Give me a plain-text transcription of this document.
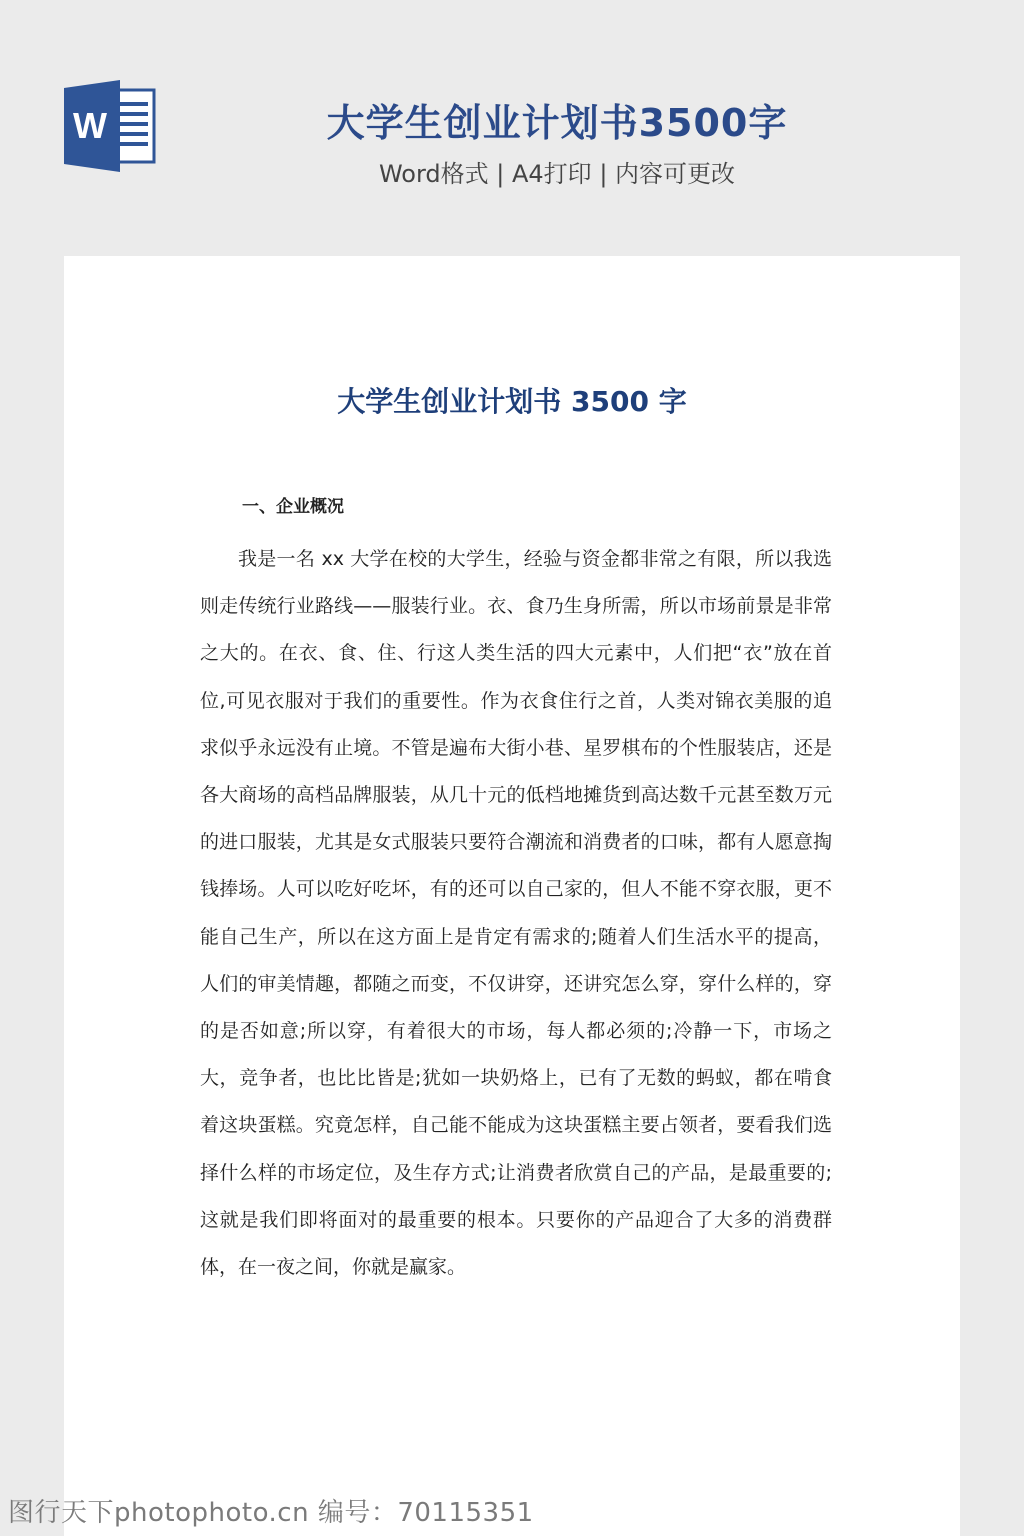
W	大学生创业计划书3500字
Word格式 | A4打印 | 内容可更改
大学生创业计划书 3500 字
一、企业概况

我是一名 xx 大学在校的大学生，经验与资金都非常之有限，所以我选则走传统行业路线——服装行业。衣、食乃生身所需，所以市场前景是非常之大的。在衣、食、住、行这人类生活的四大元素中，人们把“衣”放在首位,可见衣服对于我们的重要性。作为衣食住行之首，人类对锦衣美服的追求似乎永远没有止境。不管是遍布大街小巷、星罗棋布的个性服装店，还是各大商场的高档品牌服装，从几十元的低档地摊货到高达数千元甚至数万元的进口服装，尤其是女式服装只要符合潮流和消费者的口味，都有人愿意掏钱捧场。人可以吃好吃坏，有的还可以自己家的，但人不能不穿衣服，更不能自己生产，所以在这方面上是肯定有需求的;随着人们生活水平的提高，人们的审美情趣，都随之而变，不仅讲穿，还讲究怎么穿，穿什么样的，穿的是否如意;所以穿，有着很大的市场，每人都必须的;冷静一下，市场之大，竞争者，也比比皆是;犹如一块奶烙上，已有了无数的蚂蚁，都在啃食着这块蛋糕。究竟怎样，自己能不能成为这块蛋糕主要占领者，要看我们选择什么样的市场定位，及生存方式;让消费者欣赏自己的产品，是最重要的;这就是我们即将面对的最重要的根本。只要你的产品迎合了大多的消费群体，在一夜之间，你就是赢家。

图行天下photophoto.cn 编号：70115351
